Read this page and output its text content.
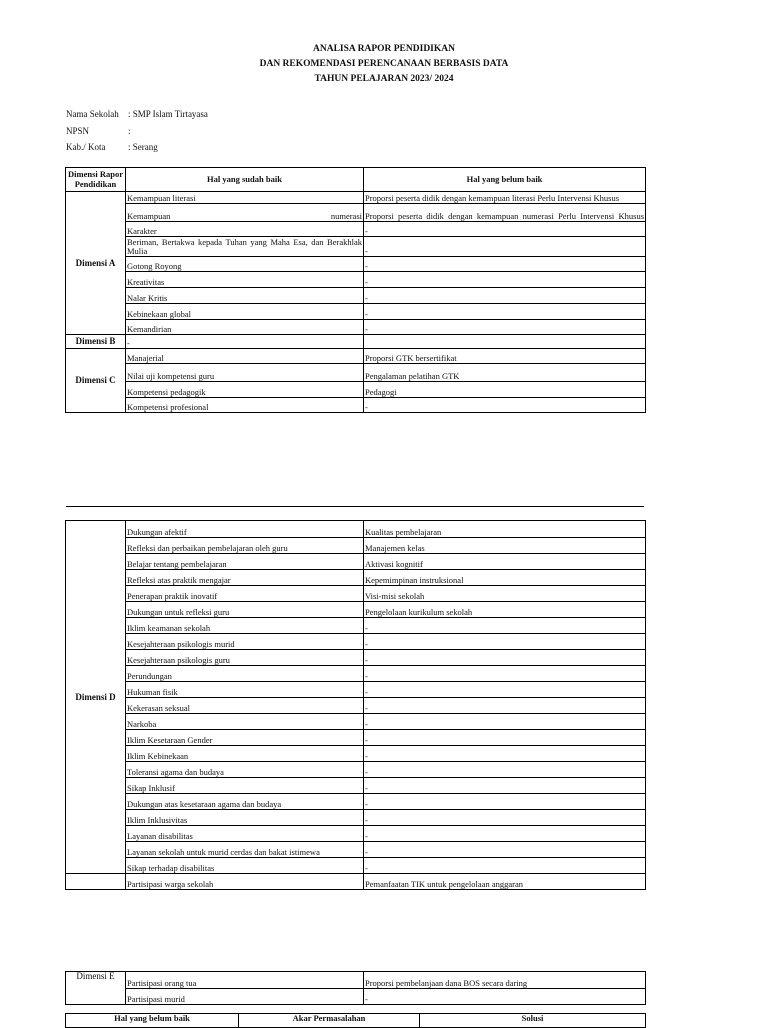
ANALISA RAPOR PENDIDIKAN
DAN REKOMENDASI PERENCANAAN BERBASIS DATA
TAHUN PELAJARAN 2023/ 2024
Nama Sekolah	: SMP Islam Tirtayasa
NPSN	:
Kab./ Kota	: Serang
Dimensi Rapor Pendidikan	Hal yang sudah baik	Hal yang belum baik
Dimensi A	Kemampuan literasi	Proporsi peserta didik dengan kemampuan literasi Perlu Intervensi Khusus
	Kemampuan numerasi	Proporsi peserta didik dengan kemampuan numerasi Perlu Intervensi Khusus
	Karakter	-
	Beriman, Bertakwa kepada Tuhan yang Maha Esa, dan Berakhlak Mulia	-
	Gotong Royong	-
	Kreativitas	-
	Nalar Kritis	-
	Kebinekaan global	-
	Kemandirian	-
Dimensi B	-	
Dimensi C	Manajerial	Proporsi GTK bersertifikat
	Nilai uji kompetensi guru	Pengalaman pelatihan GTK
	Kompetensi pedagogik	Pedagogi
	Kompetensi profesional	-
Dimensi D	Dukungan afektif	Kualitas pembelajaran
	Refleksi dan perbaikan pembelajaran oleh guru	Manajemen kelas
	Belajar tentang pembelajaran	Aktivasi kognitif
	Refleksi atas praktik mengajar	Kepemimpinan instruksional
	Penerapan praktik inovatif	Visi-misi sekolah
	Dukungan untuk refleksi guru	Pengelolaan kurikulum sekolah
	Iklim keamanan sekolah	-
	Kesejahteraan psikologis murid	-
	Kesejahteraan psikologis guru	-
	Perundungan	-
	Hukuman fisik	-
	Kekerasan seksual	-
	Narkoba	-
	Iklim Kesetaraan Gender	-
	Iklim Kebinekaan	-
	Toleransi agama dan budaya	-
	Sikap Inklusif	-
	Dukungan atas kesetaraan agama dan budaya	-
	Iklim Inklusivitas	-
	Layanan disabilitas	-
	Layanan sekolah untuk murid cerdas dan bakat istimewa	-
	Sikap terhadap disabilitas	-
	Partisipasi warga sekolah	Pemanfaatan TIK untuk pengelolaan anggaran
Dimensi E	Partisipasi orang tua	Proporsi pembelanjaan dana BOS secara daring
	Partisipasi murid	-
Hal yang belum baik	Akar Permasalahan	Solusi
